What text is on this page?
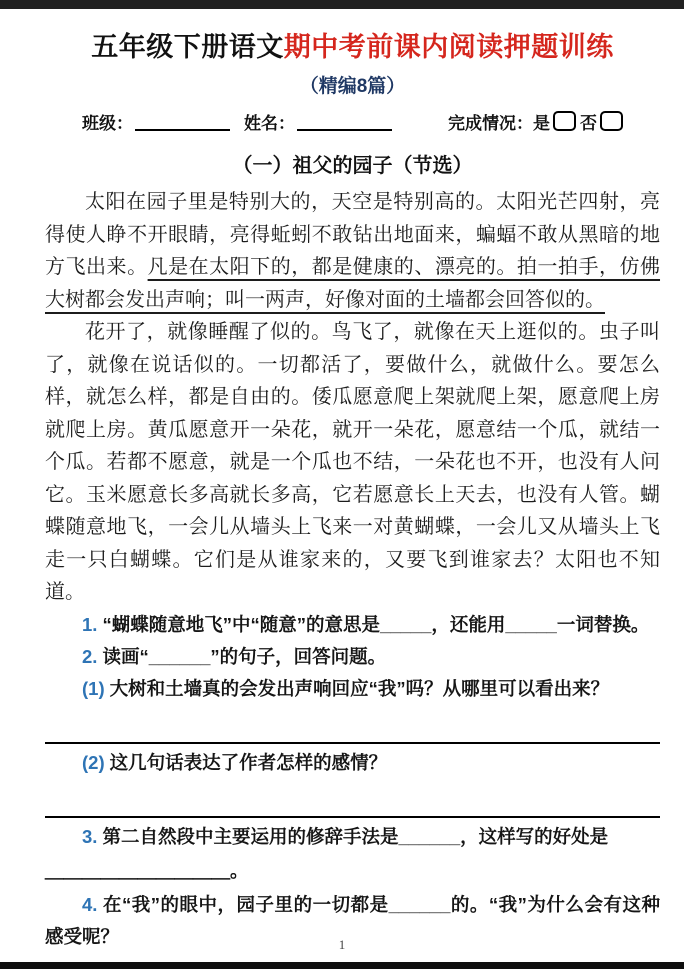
五年级下册语文期中考前课内阅读押题训练
（精编8篇）
班级：	姓名：	完成情况： 是 否
（一）祖父的园子（节选）

太阳在园子里是特别大的，天空是特别高的。太阳光芒四射，亮得使人睁不开眼睛，亮得蚯蚓不敢钻出地面来，蝙蝠不敢从黑暗的地方飞出来。凡是在太阳下的，都是健康的、漂亮的。拍一拍手，仿佛大树都会发出声响；叫一两声，好像对面的土墙都会回答似的。

花开了，就像睡醒了似的。鸟飞了，就像在天上逛似的。虫子叫了，就像在说话似的。一切都活了，要做什么，就做什么。要怎么样，就怎么样，都是自由的。倭瓜愿意爬上架就爬上架，愿意爬上房就爬上房。黄瓜愿意开一朵花，就开一朵花，愿意结一个瓜，就结一个瓜。若都不愿意，就是一个瓜也不结，一朵花也不开，也没有人问它。玉米愿意长多高就长多高，它若愿意长上天去，也没有人管。蝴蝶随意地飞，一会儿从墙头上飞来一对黄蝴蝶，一会儿又从墙头上飞走一只白蝴蝶。它们是从谁家来的，又要飞到谁家去？太阳也不知道。

1. “蝴蝶随意地飞”中“随意”的意思是_____，还能用_____一词替换。

2. 读画“______”的句子，回答问题。

(1) 大树和土墙真的会发出声响回应“我”吗？从哪里可以看出来？

(2) 这几句话表达了作者怎样的感情？

3. 第二自然段中主要运用的修辞手法是______，这样写的好处是

＿＿＿＿＿＿＿＿＿＿。

4. 在“我”的眼中，园子里的一切都是______的。“我”为什么会有这种感受呢？	1
